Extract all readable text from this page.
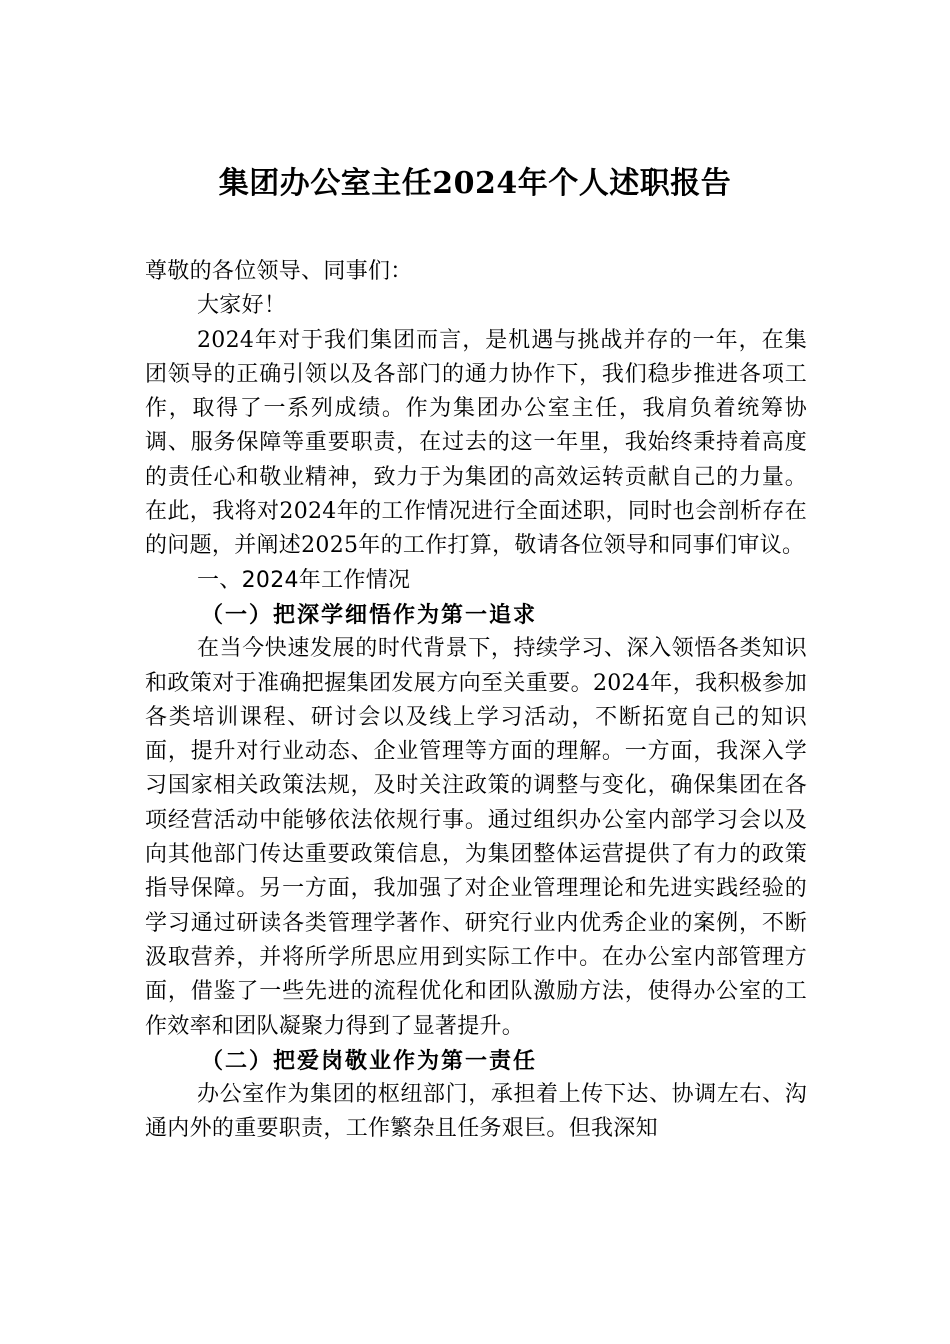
集团办公室主任2024年个人述职报告

尊敬的各位领导、同事们：

大家好！

2024年对于我们集团而言，是机遇与挑战并存的一年，在集团领导的正确引领以及各部门的通力协作下，我们稳步推进各项工作，取得了一系列成绩。作为集团办公室主任，我肩负着统筹协调、服务保障等重要职责，在过去的这一年里，我始终秉持着高度的责任心和敬业精神，致力于为集团的高效运转贡献自己的力量。在此，我将对2024年的工作情况进行全面述职，同时也会剖析存在的问题，并阐述2025年的工作打算，敬请各位领导和同事们审议。

一、2024年工作情况

（一）把深学细悟作为第一追求

在当今快速发展的时代背景下，持续学习、深入领悟各类知识和政策对于准确把握集团发展方向至关重要。2024年，我积极参加各类培训课程、研讨会以及线上学习活动，不断拓宽自己的知识面，提升对行业动态、企业管理等方面的理解。一方面，我深入学习国家相关政策法规，及时关注政策的调整与变化，确保集团在各项经营活动中能够依法依规行事。通过组织办公室内部学习会以及向其他部门传达重要政策信息，为集团整体运营提供了有力的政策指导保障。另一方面，我加强了对企业管理理论和先进实践经验的学习通过研读各类管理学著作、研究行业内优秀企业的案例，不断汲取营养，并将所学所思应用到实际工作中。在办公室内部管理方面，借鉴了一些先进的流程优化和团队激励方法，使得办公室的工作效率和团队凝聚力得到了显著提升。

（二）把爱岗敬业作为第一责任

办公室作为集团的枢纽部门，承担着上传下达、协调左右、沟通内外的重要职责，工作繁杂且任务艰巨。但我深知
